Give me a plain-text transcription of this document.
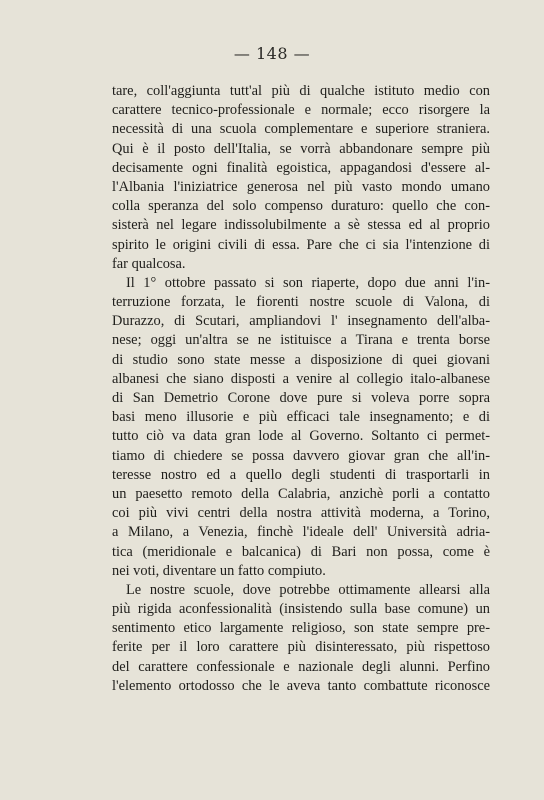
— 148 —
tare, coll'aggiunta tutt'al più di qualche istituto medio con
carattere tecnico-professionale e normale; ecco risorgere la
necessità di una scuola complementare e superiore straniera.
Qui è il posto dell'Italia, se vorrà abbandonare sempre più
decisamente ogni finalità egoistica, appagandosi d'essere al-
l'Albania l'iniziatrice generosa nel più vasto mondo umano
colla speranza del solo compenso duraturo: quello che con-
sisterà nel legare indissolubilmente a sè stessa ed al proprio
spirito le origini civili di essa. Pare che ci sia l'intenzione di
far qualcosa.
Il 1° ottobre passato si son riaperte, dopo due anni l'in-
terruzione forzata, le fiorenti nostre scuole di Valona, di
Durazzo, di Scutari, ampliandovi l' insegnamento dell'alba-
nese; oggi un'altra se ne istituisce a Tirana e trenta borse
di studio sono state messe a disposizione di quei giovani
albanesi che siano disposti a venire al collegio italo-albanese
di San Demetrio Corone dove pure si voleva porre sopra
basi meno illusorie e più efficaci tale insegnamento; e di
tutto ciò va data gran lode al Governo. Soltanto ci permet-
tiamo di chiedere se possa davvero giovar gran che all'in-
teresse nostro ed a quello degli studenti di trasportarli in
un paesetto remoto della Calabria, anzichè porli a contatto
coi più vivi centri della nostra attività moderna, a Torino,
a Milano, a Venezia, finchè l'ideale dell' Università adria-
tica (meridionale e balcanica) di Bari non possa, come è
nei voti, diventare un fatto compiuto.
Le nostre scuole, dove potrebbe ottimamente allearsi alla
più rigida aconfessionalità (insistendo sulla base comune) un
sentimento etico largamente religioso, son state sempre pre-
ferite per il loro carattere più disinteressato, più rispettoso
del carattere confessionale e nazionale degli alunni. Perfino
l'elemento ortodosso che le aveva tanto combattute riconosce
